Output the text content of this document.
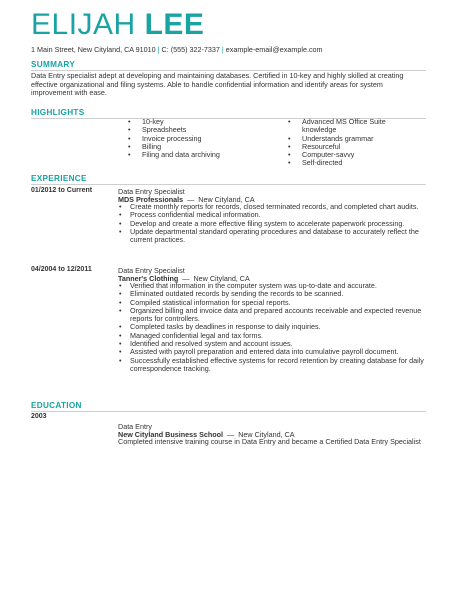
ELIJAH LEE
1 Main Street, New Cityland, CA 91010 | C: (555) 322-7337 | example-email@example.com
SUMMARY
Data Entry specialist adept at developing and maintaining databases. Certified in 10-key and highly skilled at creating effective organizational and filing systems. Able to handle confidential information and identify areas for system improvement with ease.
HIGHLIGHTS
• 10-key
• Spreadsheets
• Invoice processing
• Billing
• Filing and data archiving
• Advanced MS Office Suite knowledge
• Understands grammar
• Resourceful
• Computer-savvy
• Self-directed
EXPERIENCE
01/2012 to Current	Data Entry Specialist
MDS Professionals — New Cityland, CA
• Create monthly reports for records, closed terminated records, and completed chart audits.
• Process confidential medical information.
• Develop and create a more effective filing system to accelerate paperwork processing.
• Update departmental standard operating procedures and database to accurately reflect the current practices.
04/2004 to 12/2011	Data Entry Specialist
Tanner's Clothing — New Cityland, CA
• Verified that information in the computer system was up-to-date and accurate.
• Eliminated outdated records by sending the records to be scanned.
• Compiled statistical information for special reports.
• Organized billing and invoice data and prepared accounts receivable and expected revenue reports for controllers.
• Completed tasks by deadlines in response to daily inquiries.
• Managed confidential legal and tax forms.
• Identified and resolved system and account issues.
• Assisted with payroll preparation and entered data into cumulative payroll document.
• Successfully established effective systems for record retention by creating database for daily correspondence tracking.
EDUCATION
2003
Data Entry
New Cityland Business School — New Cityland, CA
Completed intensive training course in Data Entry and became a Certified Data Entry Specialist
